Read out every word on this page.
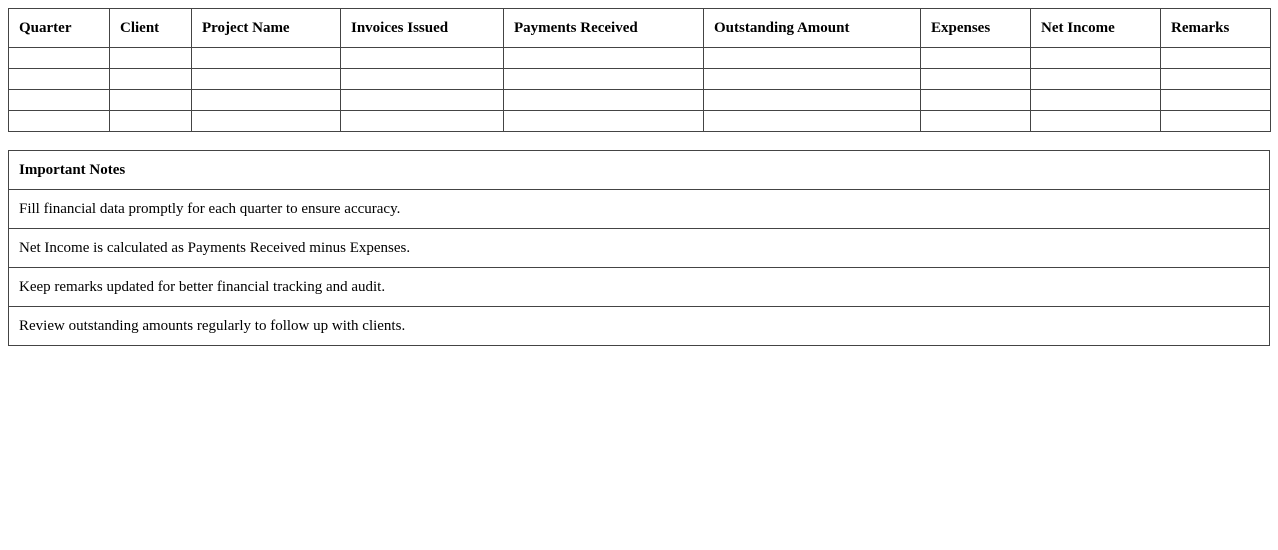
Quarter	Client	Project Name	Invoices Issued	Payments Received	Outstanding Amount	Expenses	Net Income	Remarks

Important Notes
Fill financial data promptly for each quarter to ensure accuracy.
Net Income is calculated as Payments Received minus Expenses.
Keep remarks updated for better financial tracking and audit.
Review outstanding amounts regularly to follow up with clients.
